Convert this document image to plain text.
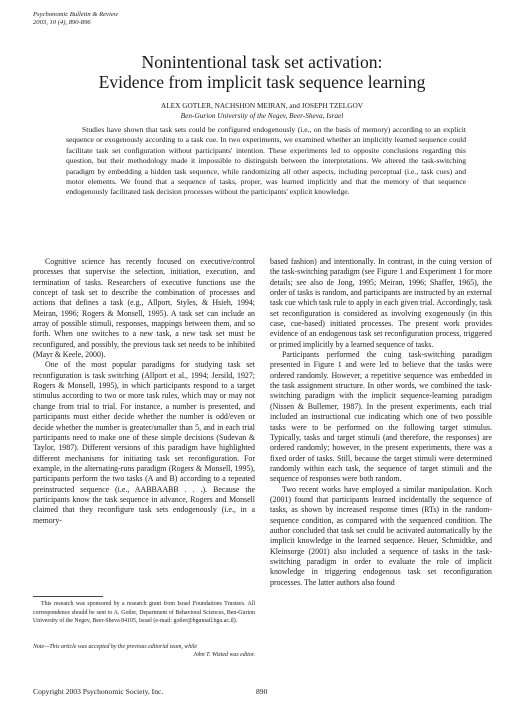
Psychonomic Bulletin & Review
2003, 10 (4), 890-896
Nonintentional task set activation:
Evidence from implicit task sequence learning
ALEX GOTLER, NACHSHON MEIRAN, and JOSEPH TZELGOV
Ben-Gurion University of the Negev, Beer-Sheva, Israel

Studies have shown that task sets could be configured endogenously (i.e., on the basis of memory) according to an explicit sequence or exogenously according to a task cue. In two experiments, we examined whether an implicitly learned sequence could facilitate task set configuration without participants' intention. These experiments led to opposite conclusions regarding this question, but their methodology made it impossible to distinguish between the interpretations. We altered the task-switching paradigm by embedding a hidden task sequence, while randomizing all other aspects, including perceptual (i.e., task cues) and motor elements. We found that a sequence of tasks, proper, was learned implicitly and that the memory of that sequence endogenously facilitated task decision processes without the participants' explicit knowledge.

Cognitive science has recently focused on executive/control processes that supervise the selection, initiation, execution, and termination of tasks. Researchers of executive functions use the concept of task set to describe the combination of processes and actions that defines a task (e.g., Allport, Styles, & Hsieh, 1994; Meiran, 1996; Rogers & Monsell, 1995). A task set can include an array of possible stimuli, responses, mappings between them, and so forth. When one switches to a new task, a new task set must be reconfigured, and possibly, the previous task set needs to be inhibited (Mayr & Keele, 2000).

One of the most popular paradigms for studying task set reconfiguration is task switching (Allport et al., 1994; Jersild, 1927; Rogers & Monsell, 1995), in which participants respond to a target stimulus according to two or more task rules, which may or may not change from trial to trial. For instance, a number is presented, and participants must either decide whether the number is odd/even or decide whether the number is greater/smaller than 5, and in each trial participants need to make one of these simple decisions (Sudevan & Taylor, 1987). Different versions of this paradigm have highlighted different mechanisms for initiating task set reconfiguration. For example, in the alternating-runs paradigm (Rogers & Monsell, 1995), participants perform the two tasks (A and B) according to a repeated preinstructed sequence (i.e., AABBAABB . . .). Because the participants know the task sequence in advance, Rogers and Monsell claimed that they reconfigure task sets endogenously (i.e., in a memory-

based fashion) and intentionally. In contrast, in the cuing version of the task-switching paradigm (see Figure 1 and Experiment 1 for more details; see also de Jong, 1995; Meiran, 1996; Shaffer, 1965), the order of tasks is random, and participants are instructed by an external task cue which task rule to apply in each given trial. Accordingly, task set reconfiguration is considered as involving exogenously (in this case, cue-based) initiated processes. The present work provides evidence of an endogenous task set reconfiguration process, triggered or primed implicitly by a learned sequence of tasks.

Participants performed the cuing task-switching paradigm presented in Figure 1 and were led to believe that the tasks were ordered randomly. However, a repetitive sequence was embedded in the task assignment structure. In other words, we combined the task-switching paradigm with the implicit sequence-learning paradigm (Nissen & Bullemer, 1987). In the present experiments, each trial included an instructional cue indicating which one of two possible tasks were to be performed on the following target stimulus. Typically, tasks and target stimuli (and therefore, the responses) are ordered randomly; however, in the present experiments, there was a fixed order of tasks. Still, because the target stimuli were determined randomly within each task, the sequence of target stimuli and the sequence of responses were both random.

Two recent works have employed a similar manipulation. Koch (2001) found that participants learned incidentally the sequence of tasks, as shown by increased response times (RTs) in the random-sequence condition, as compared with the sequenced condition. The author concluded that task set could be activated automatically by the implicit knowledge in the learned sequence. Heuer, Schmidtke, and Kleinsorge (2001) also included a sequence of tasks in the task-switching paradigm in order to evaluate the role of implicit knowledge in triggering endogenous task set reconfiguration processes. The latter authors also found

This research was sponsored by a research grant from Israel Foundations Trustees. All correspondence should be sent to A. Gotler, Department of Behavioral Sciences, Ben-Gurion University of the Negev, Beer-Sheva 84105, Israel (e-mail: gotler@bgumail.bgu.ac.il).

Note—This article was accepted by the previous editorial team, while
John T. Wixted was editor.
Copyright 2003 Psychonomic Society, Inc.	890
